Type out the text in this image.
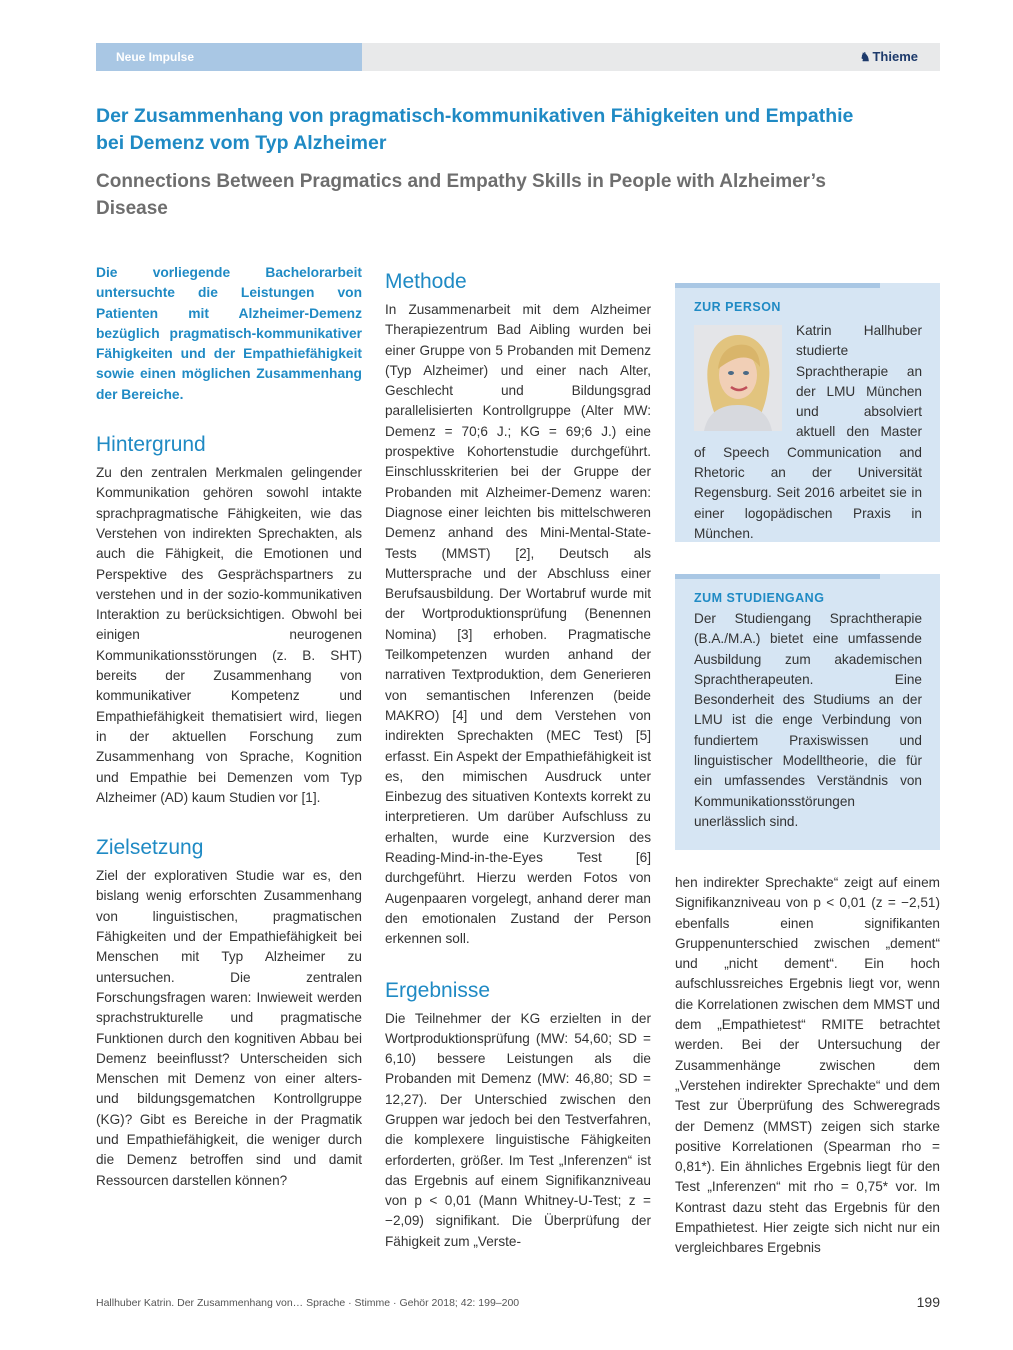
Neue Impulse	♞ Thieme
Der Zusammenhang von pragmatisch-kommunikativen Fähigkeiten und Empathie bei Demenz vom Typ Alzheimer
Connections Between Pragmatics and Empathy Skills in People with Alzheimer’s Disease

Die vorliegende Bachelorarbeit untersuchte die Leistungen von Patienten mit Alzheimer-Demenz bezüglich pragmatisch-kommunikativer Fähigkeiten und der Empathiefähigkeit sowie einen möglichen Zusammenhang der Bereiche.

Hintergrund

Zu den zentralen Merkmalen gelingender Kommunikation gehören sowohl intakte sprachpragmatische Fähigkeiten, wie das Verstehen von indirekten Sprechakten, als auch die Fähigkeit, die Emotionen und Perspektive des Gesprächspartners zu verstehen und in der sozio-kommunikativen Interaktion zu berücksichtigen. Obwohl bei einigen neurogenen Kommunikationsstörungen (z. B. SHT) bereits der Zusammenhang von kommunikativer Kompetenz und Empathiefähigkeit thematisiert wird, liegen in der aktuellen Forschung zum Zusammenhang von Sprache, Kognition und Empathie bei Demenzen vom Typ Alzheimer (AD) kaum Studien vor [1].

Zielsetzung

Ziel der explorativen Studie war es, den bislang wenig erforschten Zusammenhang von linguistischen, pragmatischen Fähigkeiten und der Empathiefähigkeit bei Menschen mit Typ Alzheimer zu untersuchen. Die zentralen Forschungsfragen waren: Inwieweit werden sprachstrukturelle und pragmatische Funktionen durch den kognitiven Abbau bei Demenz beeinflusst? Unterscheiden sich Menschen mit Demenz von einer alters- und bildungsgematchen Kontrollgruppe (KG)? Gibt es Bereiche in der Pragmatik und Empathiefähigkeit, die weniger durch die Demenz betroffen sind und damit Ressourcen darstellen können?

Methode

In Zusammenarbeit mit dem Alzheimer Therapiezentrum Bad Aibling wurden bei einer Gruppe von 5 Probanden mit Demenz (Typ Alzheimer) und einer nach Alter, Geschlecht und Bildungsgrad parallelisierten Kontrollgruppe (Alter MW: Demenz = 70;6 J.; KG = 69;6 J.) eine prospektive Kohortenstudie durchgeführt. Einschlusskriterien bei der Gruppe der Probanden mit Alzheimer-Demenz waren: Diagnose einer leichten bis mittelschweren Demenz anhand des Mini-Mental-State-Tests (MMST) [2], Deutsch als Muttersprache und der Abschluss einer Berufsausbildung. Der Wortabruf wurde mit der Wortproduktionsprüfung (Benennen Nomina) [3] erhoben. Pragmatische Teilkompetenzen wurden anhand der narrativen Textproduktion, dem Generieren von semantischen Inferenzen (beide MAKRO) [4] und dem Verstehen von indirekten Sprechakten (MEC Test) [5] erfasst. Ein Aspekt der Empathiefähigkeit ist es, den mimischen Ausdruck unter Einbezug des situativen Kontexts korrekt zu interpretieren. Um darüber Aufschluss zu erhalten, wurde eine Kurzversion des Reading-Mind-in-the-Eyes Test [6] durchgeführt. Hierzu werden Fotos von Augenpaaren vorgelegt, anhand derer man den emotionalen Zustand der Person erkennen soll.

Ergebnisse

Die Teilnehmer der KG erzielten in der Wortproduktionsprüfung (MW: 54,60; SD = 6,10) bessere Leistungen als die Probanden mit Demenz (MW: 46,80; SD = 12,27). Der Unterschied zwischen den Gruppen war jedoch bei den Testverfahren, die komplexere linguistische Fähigkeiten erforderten, größer. Im Test „Inferenzen“ ist das Ergebnis auf einem Signifikanzniveau von p < 0,01 (Mann Whitney-U-Test; z = −2,09) signifikant. Die Überprüfung der Fähigkeit zum „Verste-

ZUR PERSON
Katrin Hallhuber studierte Sprachtherapie an der LMU München und absolviert aktuell den Master of Speech Communication and Rhetoric an der Universität Regensburg. Seit 2016 arbeitet sie in einer logopädischen Praxis in München.
ZUM STUDIENGANG

Der Studiengang Sprachtherapie (B.A./M.A.) bietet eine umfassende Ausbildung zum akademischen Sprachtherapeuten. Eine Besonderheit des Studiums an der LMU ist die enge Verbindung von fundiertem Praxiswissen und linguistischer Modelltheorie, die für ein umfassendes Verständnis von Kommunikationsstörungen unerlässlich sind.

hen indirekter Sprechakte“ zeigt auf einem Signifikanzniveau von p < 0,01 (z = −2,51) ebenfalls einen signifikanten Gruppenunterschied zwischen „dement“ und „nicht dement“. Ein hoch aufschlussreiches Ergebnis liegt vor, wenn die Korrelationen zwischen dem MMST und dem „Empathietest“ RMITE betrachtet werden. Bei der Untersuchung der Zusammenhänge zwischen dem „Verstehen indirekter Sprechakte“ und dem Test zur Überprüfung des Schweregrads der Demenz (MMST) zeigen sich starke positive Korrelationen (Spearman rho = 0,81*). Ein ähnliches Ergebnis liegt für den Test „Inferenzen“ mit rho = 0,75* vor. Im Kontrast dazu steht das Ergebnis für den Empathietest. Hier zeigte sich nicht nur ein vergleichbares Ergebnis

Hallhuber Katrin. Der Zusammenhang von… Sprache · Stimme · Gehör 2018; 42: 199–200	199
